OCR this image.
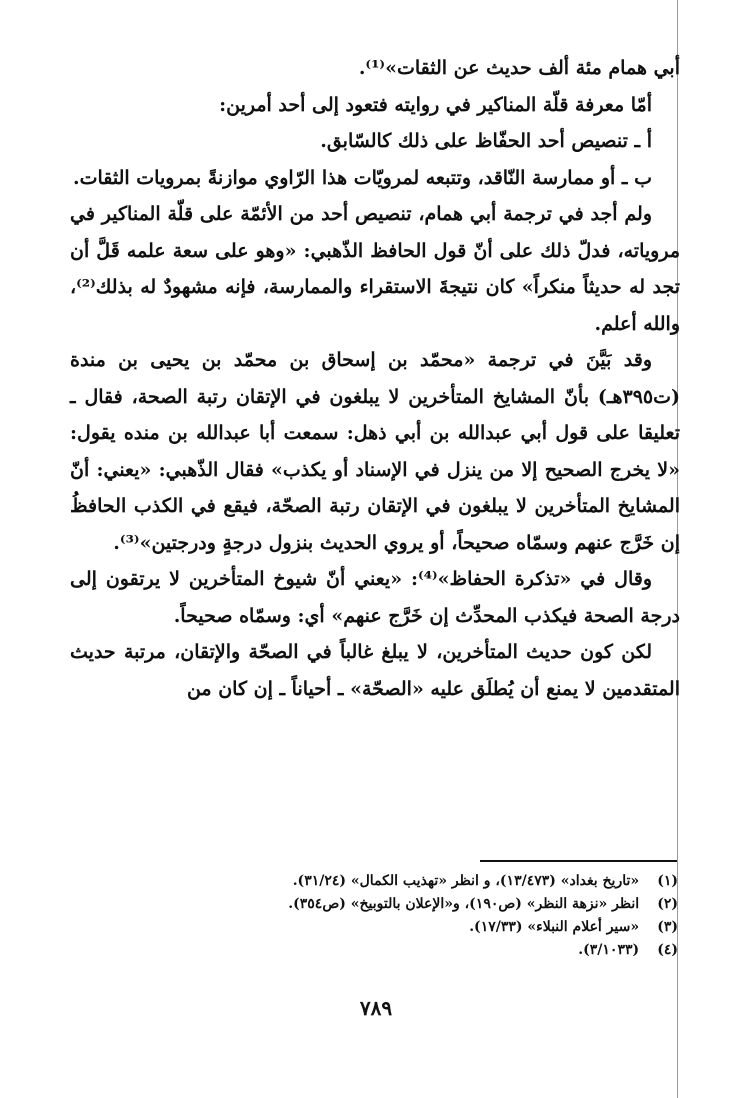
أبي همام مئة ألف حديث عن الثقات»⁽¹⁾.

أمّا معرفة قلّة المناكير في روايته فتعود إلى أحد أمرين:

أ ـ تنصيص أحد الحفّاظ على ذلك كالسّابق.

ب ـ أو ممارسة النّاقد، وتتبعه لمرويّات هذا الرّاوي موازنةً بمرويات الثقات.

ولم أجد في ترجمة أبي همام، تنصيص أحد من الأئمّة على قلّة المناكير في مروياته، فدلّ ذلك على أنّ قول الحافظ الذّهبي: «وهو على سعة علمه قَلَّ أن تجد له حديثاً منكراً» كان نتيجةَ الاستقراء والممارسة، فإنه مشهودٌ له بذلك⁽²⁾، والله أعلم.

وقد بَيَّنَ في ترجمة «محمّد بن إسحاق بن محمّد بن يحيى بن مندة (ت٣٩٥هـ) بأنّ المشايخ المتأخرين لا يبلغون في الإتقان رتبة الصحة، فقال ـ تعليقا على قول أبي عبدالله بن أبي ذهل: سمعت أبا عبدالله بن منده يقول: «لا يخرج الصحيح إلا من ينزل في الإسناد أو يكذب» فقال الذّهبي: «يعني: أنّ المشايخ المتأخرين لا يبلغون في الإتقان رتبة الصحّة، فيقع في الكذب الحافظُ إن خَرَّج عنهم وسمّاه صحيحاً، أو يروي الحديث بنزول درجةٍ ودرجتين»⁽³⁾.

وقال في «تذكرة الحفاظ»⁽⁴⁾: «يعني أنّ شيوخ المتأخرين لا يرتقون إلى درجة الصحة فيكذب المحدِّث إن خَرَّج عنهم» أي: وسمّاه صحيحاً.

لكن كون حديث المتأخرين، لا يبلغ غالباً في الصحّة والإتقان، مرتبة حديث المتقدمين لا يمنع أن يُطلَق عليه «الصحّة» ـ أحياناً ـ إن كان من

(١) «تاريخ بغداد» (١٣/٤٧٣)، و انظر «تهذيب الكمال» (٣١/٢٤).
(٢) انظر «نزهة النظر» (ص١٩٠)، و«الإعلان بالتوبيخ» (ص٣٥٤).
(٣) «سير أعلام النبلاء» (١٧/٣٣).
(٤) (٣/١٠٣٣).
٧٨٩
